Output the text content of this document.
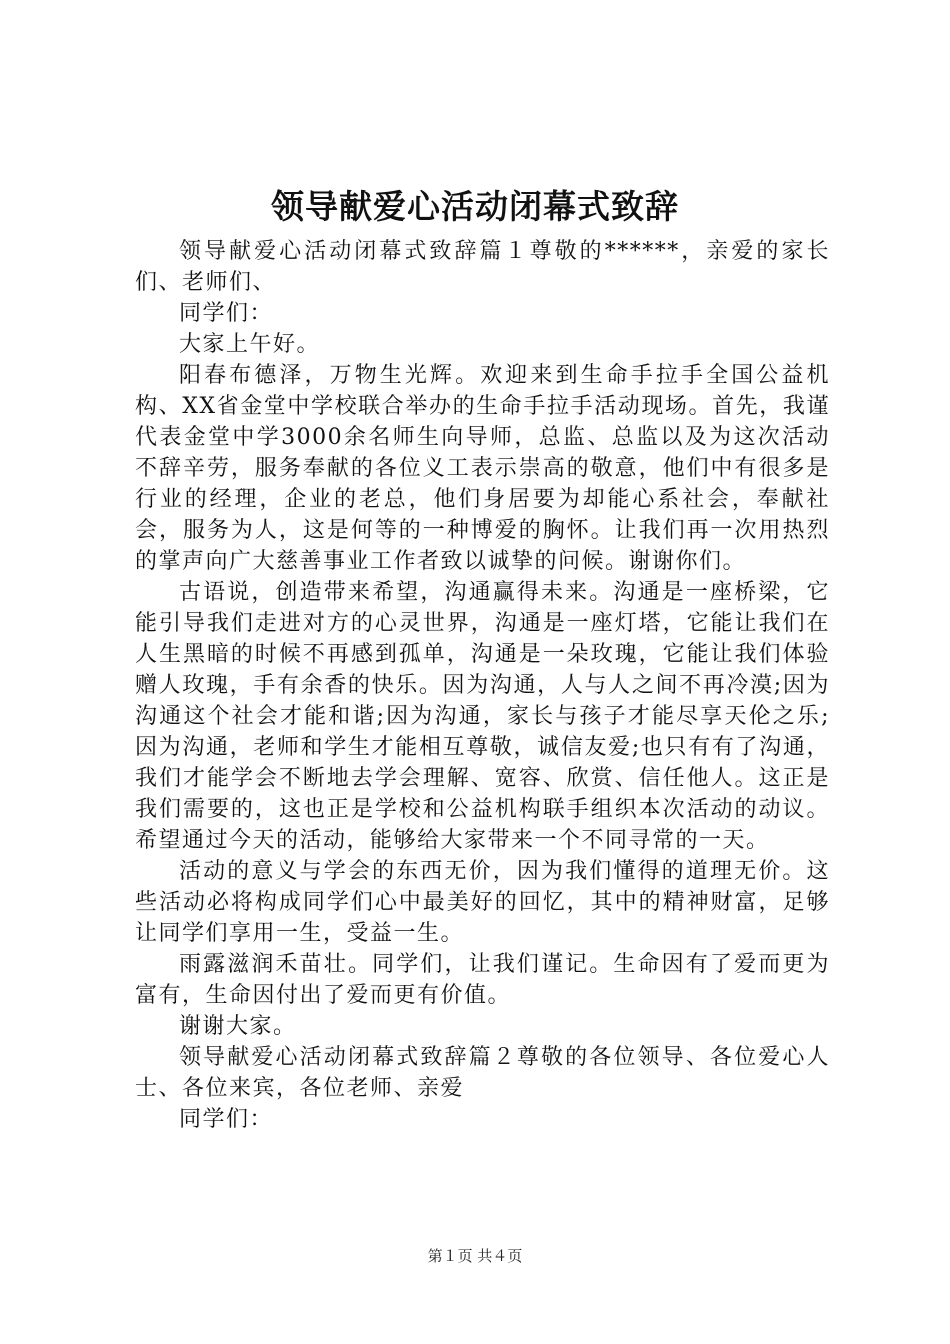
领导献爱心活动闭幕式致辞

领导献爱心活动闭幕式致辞篇１尊敬的******，亲爱的家长们、老师们、

同学们：

大家上午好。

阳春布德泽，万物生光辉。欢迎来到生命手拉手全国公益机构、XX省金堂中学校联合举办的生命手拉手活动现场。首先，我谨代表金堂中学3000余名师生向导师，总监、总监以及为这次活动不辞辛劳，服务奉献的各位义工表示崇高的敬意，他们中有很多是行业的经理，企业的老总，他们身居要为却能心系社会，奉献社会，服务为人，这是何等的一种博爱的胸怀。让我们再一次用热烈的掌声向广大慈善事业工作者致以诚挚的问候。谢谢你们。

古语说，创造带来希望，沟通赢得未来。沟通是一座桥梁，它能引导我们走进对方的心灵世界，沟通是一座灯塔，它能让我们在人生黑暗的时候不再感到孤单，沟通是一朵玫瑰，它能让我们体验赠人玫瑰，手有余香的快乐。因为沟通，人与人之间不再冷漠;因为沟通这个社会才能和谐;因为沟通，家长与孩子才能尽享天伦之乐;因为沟通，老师和学生才能相互尊敬，诚信友爱;也只有有了沟通，我们才能学会不断地去学会理解、宽容、欣赏、信任他人。这正是我们需要的，这也正是学校和公益机构联手组织本次活动的动议。希望通过今天的活动，能够给大家带来一个不同寻常的一天。

活动的意义与学会的东西无价，因为我们懂得的道理无价。这些活动必将构成同学们心中最美好的回忆，其中的精神财富，足够让同学们享用一生，受益一生。

雨露滋润禾苗壮。同学们，让我们谨记。生命因有了爱而更为富有，生命因付出了爱而更有价值。

谢谢大家。

领导献爱心活动闭幕式致辞篇２尊敬的各位领导、各位爱心人士、各位来宾，各位老师、亲爱

同学们：

第１页 共４页
